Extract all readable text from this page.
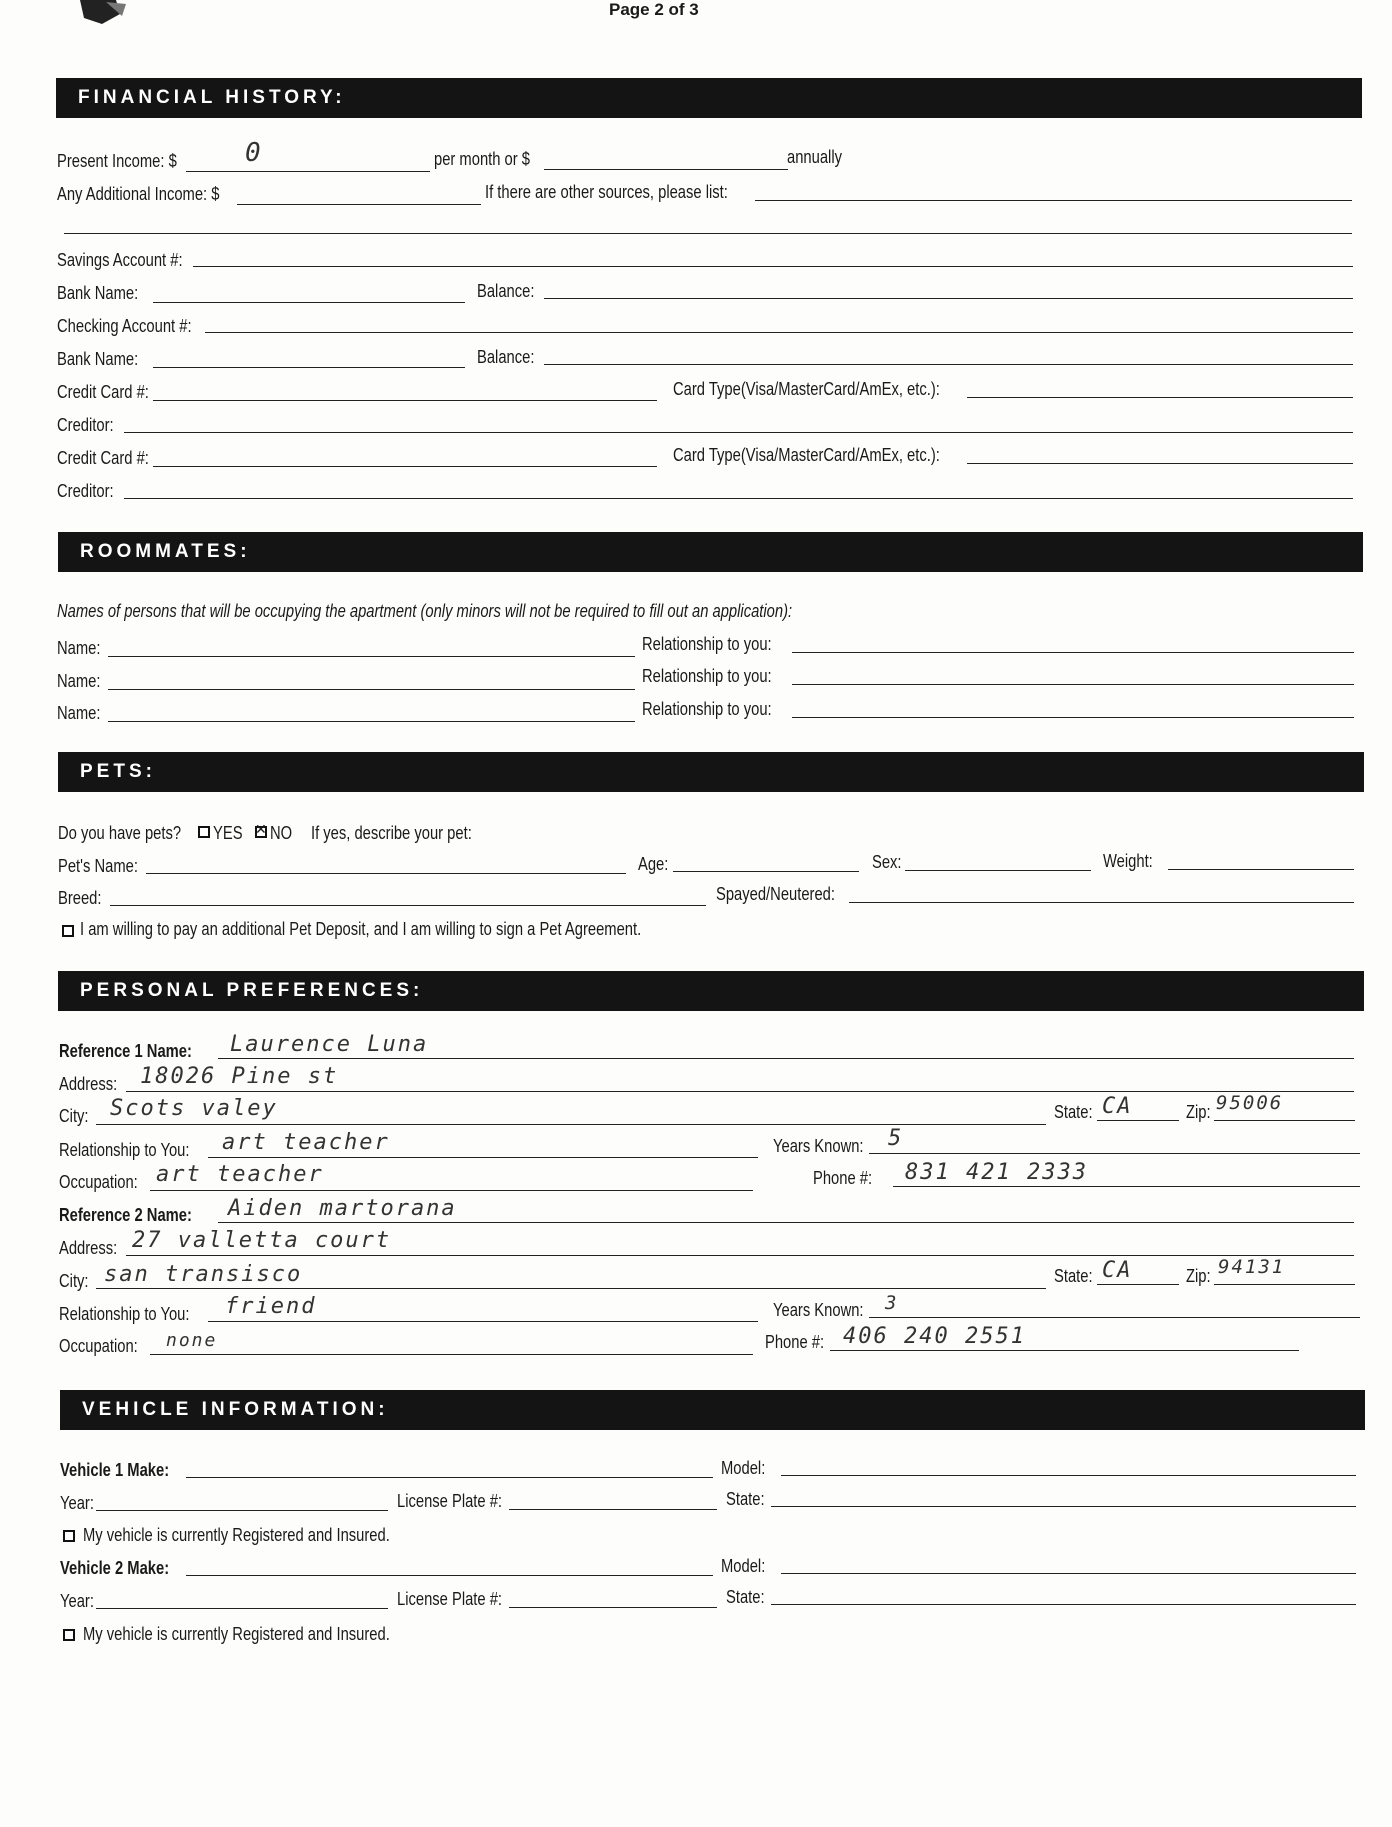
Page 2 of 3
FINANCIAL HISTORY:
Present Income: $	0	per month or $	annually
Any Additional Income: $	If there are other sources, please list:
Savings Account #:
Bank Name:	Balance:
Checking Account #:
Bank Name:	Balance:
Credit Card #:	Card Type(Visa/MasterCard/AmEx, etc.):
Creditor:
Credit Card #:	Card Type(Visa/MasterCard/AmEx, etc.):
Creditor:
ROOMMATES:
Names of persons that will be occupying the apartment (only minors will not be required to fill out an application):
Name:	Relationship to you:
Name:	Relationship to you:
Name:	Relationship to you:
PETS:
Do you have pets? YES
✕ NO If yes, describe your pet:
Pet's Name:	Age:	Sex:	Weight:
Breed:	Spayed/Neutered:
I am willing to pay an additional Pet Deposit, and I am willing to sign a Pet Agreement.
PERSONAL PREFERENCES:
Reference 1 Name: Laurence Luna
Address: 18026 Pine st
City: Scots valey	State: CA	Zip: 95006
Relationship to You: art teacher	Years Known: 5
Occupation: art teacher	Phone #: 831 421 2333
Reference 2 Name: Aiden martorana
Address: 27 valletta court
City: san transisco	State: CA	Zip: 94131
Relationship to You: friend	Years Known: 3
Occupation: none	Phone #: 406 240 2551
VEHICLE INFORMATION:
Vehicle 1 Make:	Model:
Year:	License Plate #:	State:
My vehicle is currently Registered and Insured.
Vehicle 2 Make:	Model:
Year:	License Plate #:	State:
My vehicle is currently Registered and Insured.
